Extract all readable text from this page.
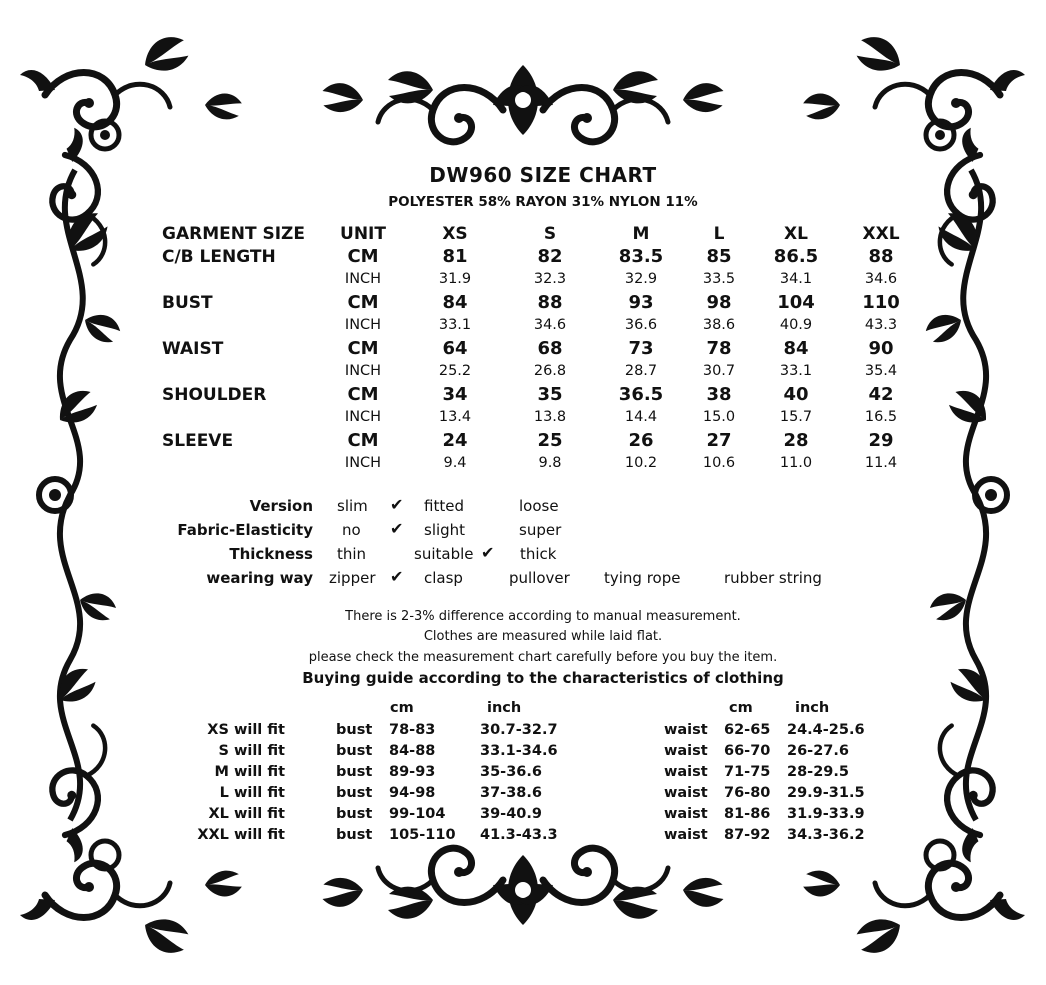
DW960 SIZE CHART
POLYESTER 58% RAYON 31% NYLON 11%
GARMENT SIZE UNIT	XS	S	M	L	XL	XXL
C/B LENGTH	CM	81	82	83.5 85 86.5	88
INCH	31.9	32.3	32.9	33.5	34.1	34.6
BUST	CM	84	88	93	98	104	110
INCH	33.1	34.6	36.6	38.6	40.9	43.3
WAIST	CM	64	68	73	78	84	90
INCH	25.2	26.8	28.7	30.7	33.1	35.4
SHOULDER	CM	34	35	36.5 38	40	42
INCH	13.4	13.8	14.4	15.0	15.7	16.5
SLEEVE	CM	24	25	26	27	28	29
INCH	9.4	9.8	10.2	10.6	11.0	11.4
Version slim ✔ fitted	loose
Fabric-Elasticity no ✔ slight	super
Thickness thin	suitable ✔ thick
wearing way zipper ✔ clasp	pullover tying rope	rubber string
There is 2-3% difference according to manual measurement.
Clothes are measured while laid flat.
please check the measurement chart carefully before you buy the item.
Buying guide according to the characteristics of clothing
cm	inch	cm	inch
XS will fit	bust 78-83	30.7-32.7	waist 62-65 24.4-25.6
S will fit	bust 84-88	33.1-34.6	waist 66-70 26-27.6
M will fit	bust 89-93	35-36.6	waist 71-75 28-29.5
L will fit	bust 94-98	37-38.6	waist 76-80 29.9-31.5
XL will fit	bust 99-104 39-40.9	waist 81-86 31.9-33.9
XXL will fit	bust 105-110 41.3-43.3	waist 87-92 34.3-36.2
